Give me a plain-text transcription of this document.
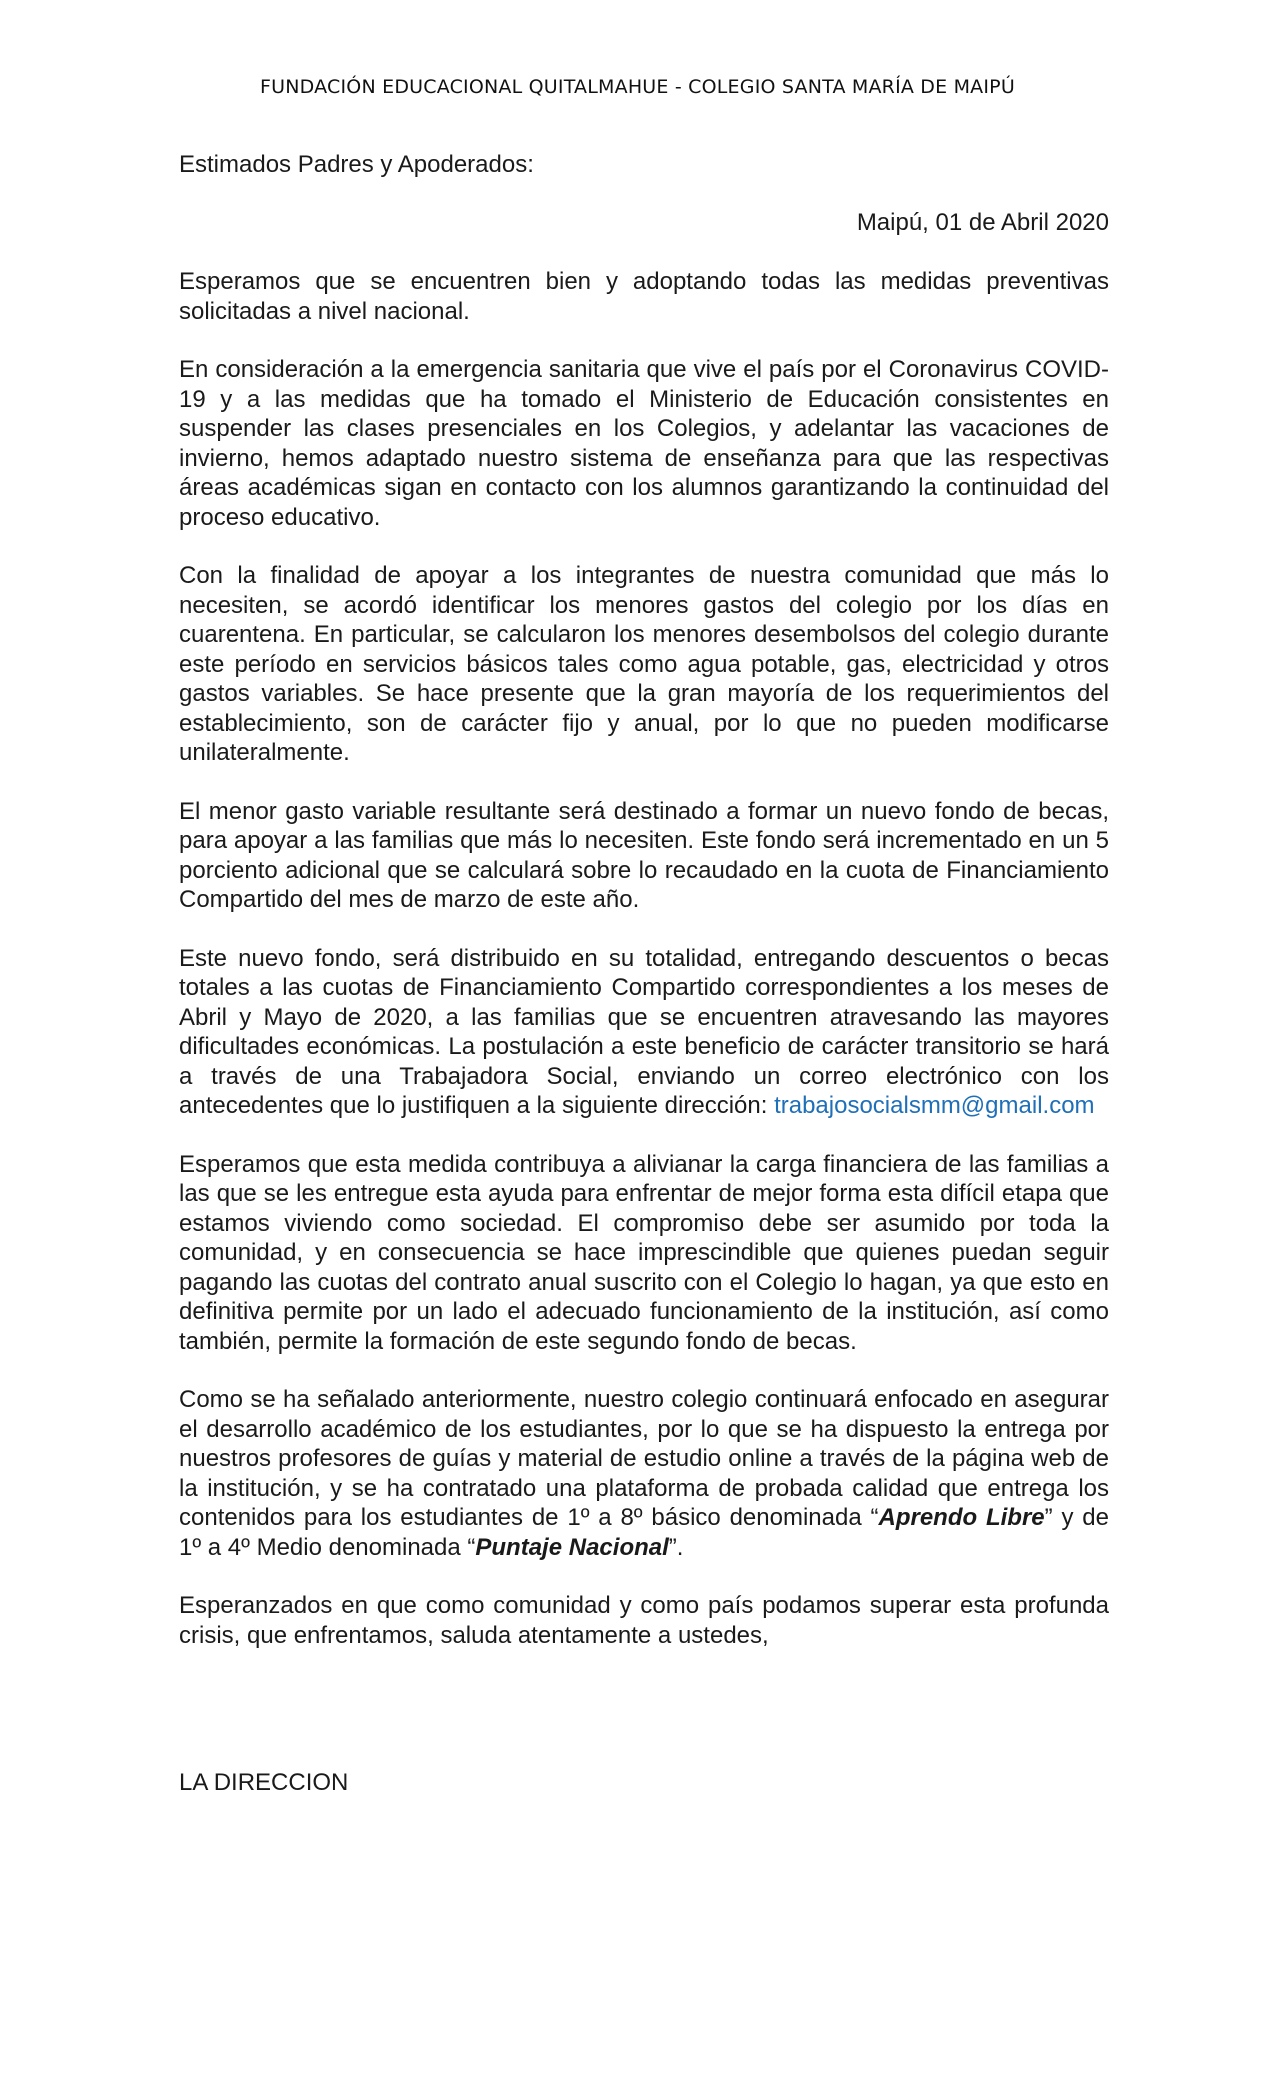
FUNDACIÓN EDUCACIONAL QUITALMAHUE - COLEGIO SANTA MARÍA DE MAIPÚ

Estimados Padres y Apoderados:

Maipú, 01 de Abril 2020

Esperamos que se encuentren bien y adoptando todas las medidas preventivas solicitadas a nivel nacional.

En consideración a la emergencia sanitaria que vive el país por el Coronavirus COVID-19 y a las medidas que ha tomado el Ministerio de Educación consistentes en suspender las clases presenciales en los Colegios, y adelantar las vacaciones de invierno, hemos adaptado nuestro sistema de enseñanza para que las respectivas áreas académicas sigan en contacto con los alumnos garantizando la continuidad del proceso educativo.

Con la finalidad de apoyar a los integrantes de nuestra comunidad que más lo necesiten, se acordó identificar los menores gastos del colegio por los días en cuarentena. En particular, se calcularon los menores desembolsos del colegio durante este período en servicios básicos tales como agua potable, gas, electricidad y otros gastos variables. Se hace presente que la gran mayoría de los requerimientos del establecimiento, son de carácter fijo y anual, por lo que no pueden modificarse unilateralmente.

El menor gasto variable resultante será destinado a formar un nuevo fondo de becas, para apoyar a las familias que más lo necesiten. Este fondo será incrementado en un 5 porciento adicional que se calculará sobre lo recaudado en la cuota de Financiamiento Compartido del mes de marzo de este año.

Este nuevo fondo, será distribuido en su totalidad, entregando descuentos o becas totales a las cuotas de Financiamiento Compartido correspondientes a los meses de Abril y Mayo de 2020, a las familias que se encuentren atravesando las mayores dificultades económicas. La postulación a este beneficio de carácter transitorio se hará a través de una Trabajadora Social, enviando un correo electrónico con los antecedentes que lo justifiquen a la siguiente dirección: trabajosocialsmm@gmail.com

Esperamos que esta medida contribuya a alivianar la carga financiera de las familias a las que se les entregue esta ayuda para enfrentar de mejor forma esta difícil etapa que estamos viviendo como sociedad. El compromiso debe ser asumido por toda la comunidad, y en consecuencia se hace imprescindible que quienes puedan seguir pagando las cuotas del contrato anual suscrito con el Colegio lo hagan, ya que esto en definitiva permite por un lado el adecuado funcionamiento de la institución, así como también, permite la formación de este segundo fondo de becas.

Como se ha señalado anteriormente, nuestro colegio continuará enfocado en asegurar el desarrollo académico de los estudiantes, por lo que se ha dispuesto la entrega por nuestros profesores de guías y material de estudio online a través de la página web de la institución, y se ha contratado una plataforma de probada calidad que entrega los contenidos para los estudiantes de 1º a 8º básico denominada “Aprendo Libre” y de 1º a 4º Medio denominada “Puntaje Nacional”.

Esperanzados en que como comunidad y como país podamos superar esta profunda crisis, que enfrentamos, saluda atentamente a ustedes,

LA DIRECCION
